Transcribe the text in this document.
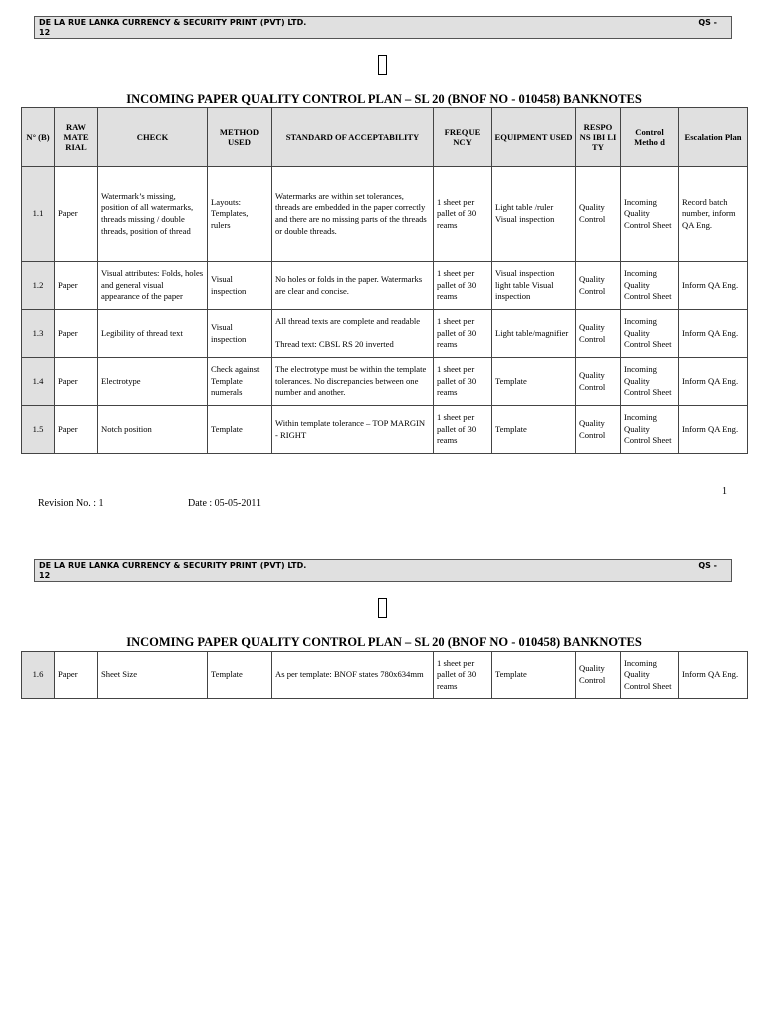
DE LA RUE LANKA CURRENCY & SECURITY PRINT (PVT) LTD.	QS -
12
INCOMING PAPER QUALITY CONTROL PLAN – SL 20 (BNOF NO - 010458) BANKNOTES
N° (B)	RAW MATE RIAL	CHECK	METHOD USED	STANDARD OF ACCEPTABILITY	FREQUE NCY	EQUIPMENT USED	RESPO NS IBI LI TY	Control Metho d	Escalation Plan
1.1	Paper	Watermark’s missing, position of all watermarks, threads missing / double threads, position of thread	Layouts: Templates, rulers	Watermarks are within set tolerances, threads are embedded in the paper correctly and there are no missing parts of the threads or double threads.	1 sheet per pallet of 30 reams	Light table /ruler Visual inspection	Quality Control	Incoming Quality Control Sheet	Record batch number, inform QA Eng.
1.2	Paper	Visual attributes: Folds, holes and general visual appearance of the paper	Visual inspection	No holes or folds in the paper. Watermarks are clear and concise.	1 sheet per pallet of 30 reams	Visual inspection light table Visual inspection	Quality Control	Incoming Quality Control Sheet	Inform QA Eng.
1.3	Paper	Legibility of thread text	Visual inspection	All thread texts are complete and readable
Thread text: CBSL RS 20 inverted	1 sheet per pallet of 30 reams	Light table/magnifier	Quality Control	Incoming Quality Control Sheet	Inform QA Eng.
1.4	Paper	Electrotype	Check against Template numerals	The electrotype must be within the template tolerances. No discrepancies between one number and another.	1 sheet per pallet of 30 reams	Template	Quality Control	Incoming Quality Control Sheet	Inform QA Eng.
1.5	Paper	Notch position	Template	Within template tolerance – TOP MARGIN - RIGHT	1 sheet per pallet of 30 reams	Template	Quality Control	Incoming Quality Control Sheet	Inform QA Eng.
1
Revision No. : 1	Date : 05-05-2011
DE LA RUE LANKA CURRENCY & SECURITY PRINT (PVT) LTD.	QS -
12
INCOMING PAPER QUALITY CONTROL PLAN – SL 20 (BNOF NO - 010458) BANKNOTES
1.6	Paper	Sheet Size	Template	As per template: BNOF states 780x634mm	1 sheet per pallet of 30 reams	Template	Quality Control	Incoming Quality Control Sheet	Inform QA Eng.
